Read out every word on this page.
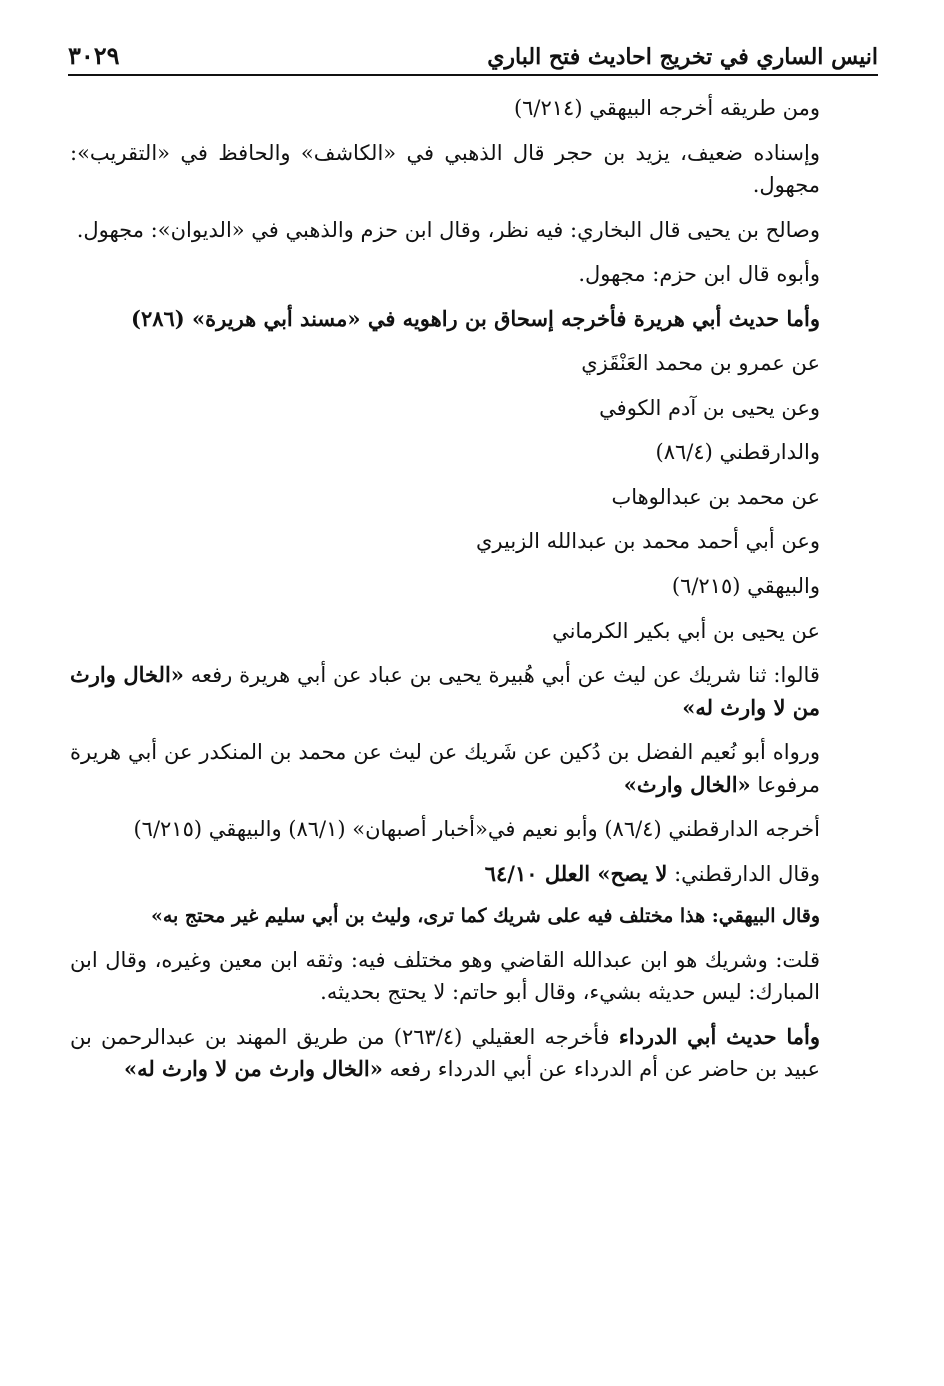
انيس الساري في تخريج احاديث فتح الباري
٣٠٢٩

ومن طريقه أخرجه البيهقي (٦/٢١٤)

وإسناده ضعيف، يزيد بن حجر قال الذهبي في «الكاشف» والحافظ في «التقريب»: مجهول.

وصالح بن يحيى قال البخاري: فيه نظر، وقال ابن حزم والذهبي في «الديوان»: مجهول.

وأبوه قال ابن حزم: مجهول.

وأما حديث أبي هريرة فأخرجه إسحاق بن راهويه في «مسند أبي هريرة» (٢٨٦)

عن عمرو بن محمد العَنْقَزي

وعن يحيى بن آدم الكوفي

والدارقطني (٨٦/٤)

عن محمد بن عبدالوهاب

وعن أبي أحمد محمد بن عبدالله الزبيري

والبيهقي (٦/٢١٥)

عن يحيى بن أبي بكير الكرماني

قالوا: ثنا شريك عن ليث عن أبي هُبيرة يحيى بن عباد عن أبي هريرة رفعه «الخال وارث من لا وارث له»

ورواه أبو نُعيم الفضل بن دُكين عن شَريك عن ليث عن محمد بن المنكدر عن أبي هريرة مرفوعا «الخال وارث»

أخرجه الدارقطني (٨٦/٤) وأبو نعيم في«أخبار أصبهان» (٨٦/١) والبيهقي (٦/٢١٥)

وقال الدارقطني: لا يصح» العلل ٦٤/١٠

وقال البيهقي: هذا مختلف فيه على شريك كما ترى، وليث بن أبي سليم غير محتج به»

قلت: وشريك هو ابن عبدالله القاضي وهو مختلف فيه: وثقه ابن معين وغيره، وقال ابن المبارك: ليس حديثه بشيء، وقال أبو حاتم: لا يحتج بحديثه.

وأما حديث أبي الدرداء فأخرجه العقيلي (٢٦٣/٤) من طريق المهند بن عبدالرحمن بن عبيد بن حاضر عن أم الدرداء عن أبي الدرداء رفعه «الخال وارث من لا وارث له»
